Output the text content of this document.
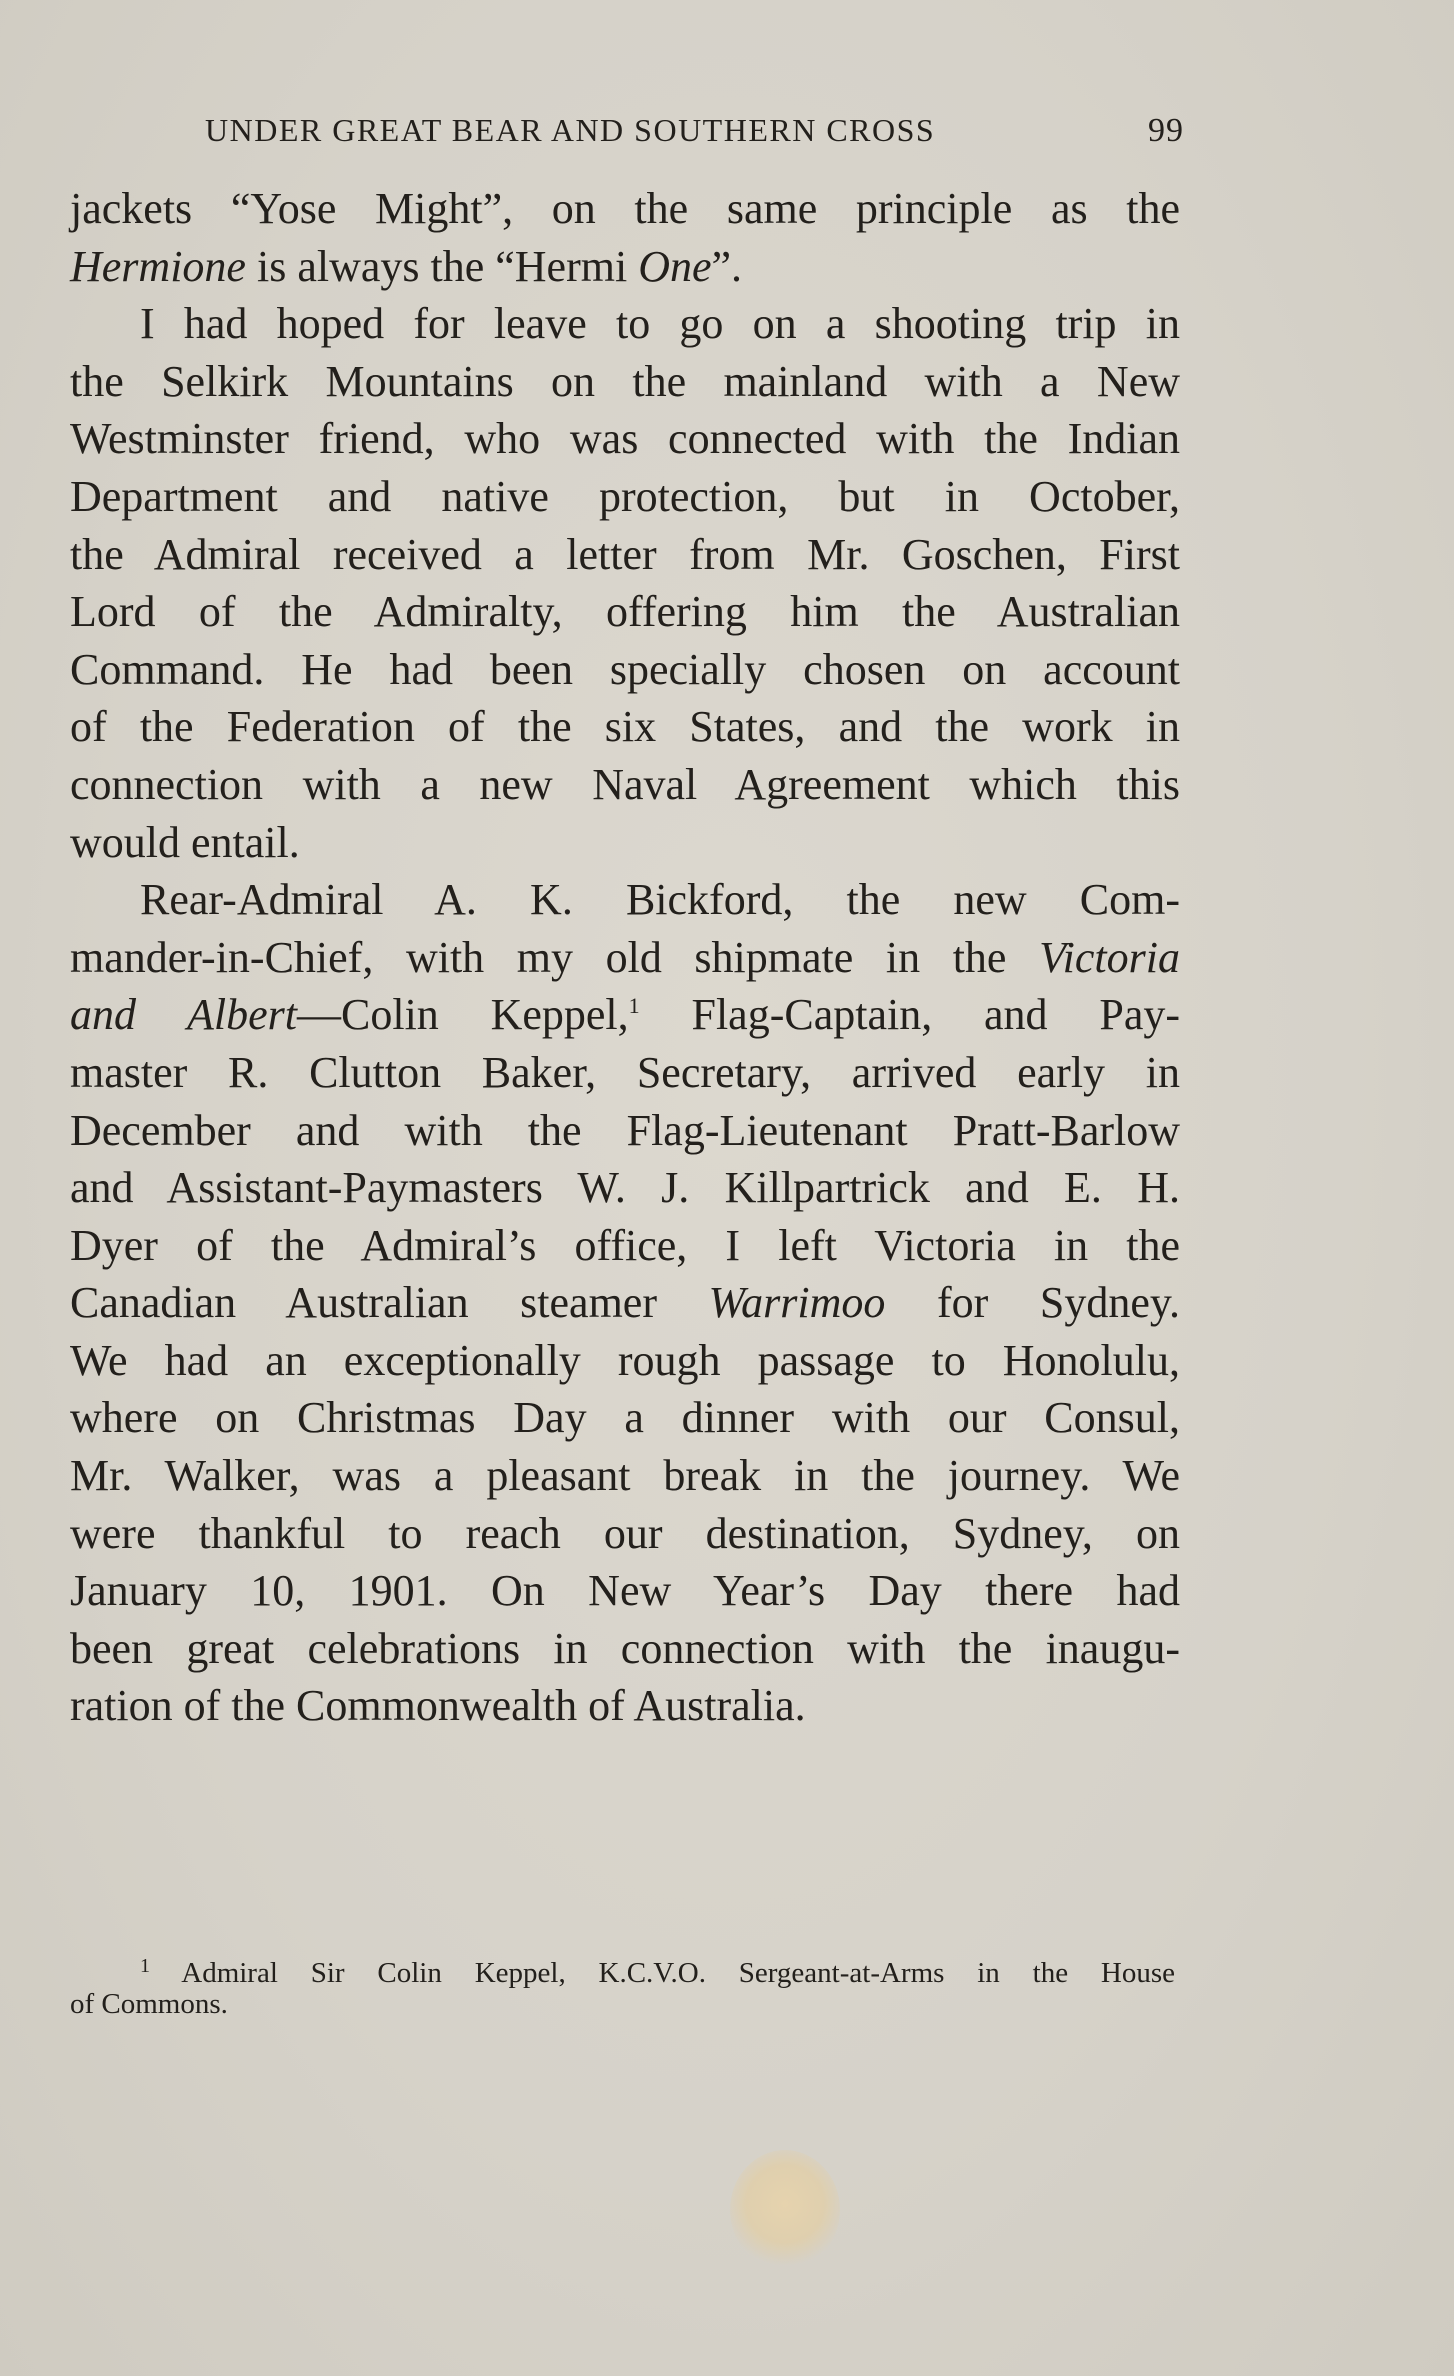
UNDER GREAT BEAR AND SOUTHERN CROSS	99
jackets “Yose Might”, on the same principle as the
Hermione is always the “Hermi One”.
I had hoped for leave to go on a shooting trip in
the Selkirk Mountains on the mainland with a New
Westminster friend, who was connected with the Indian
Department and native protection, but in October,
the Admiral received a letter from Mr. Goschen, First
Lord of the Admiralty, offering him the Australian
Command. He had been specially chosen on account
of the Federation of the six States, and the work in
connection with a new Naval Agreement which this
would entail.
Rear-Admiral A. K. Bickford, the new Com-
mander-in-Chief, with my old shipmate in the Victoria
and Albert—Colin Keppel,$^1$ Flag-Captain, and Pay-
master R. Clutton Baker, Secretary, arrived early in
December and with the Flag-Lieutenant Pratt-Barlow
and Assistant-Paymasters W. J. Killpartrick and E. H.
Dyer of the Admiral’s office, I left Victoria in the
Canadian Australian steamer Warrimoo for Sydney.
We had an exceptionally rough passage to Honolulu,
where on Christmas Day a dinner with our Consul,
Mr. Walker, was a pleasant break in the journey. We
were thankful to reach our destination, Sydney, on
January 10, 1901. On New Year’s Day there had
been great celebrations in connection with the inaugu-
ration of the Commonwealth of Australia.
$^1$ Admiral Sir Colin Keppel, K.C.V.O. Sergeant-at-Arms in the House
of Commons.
